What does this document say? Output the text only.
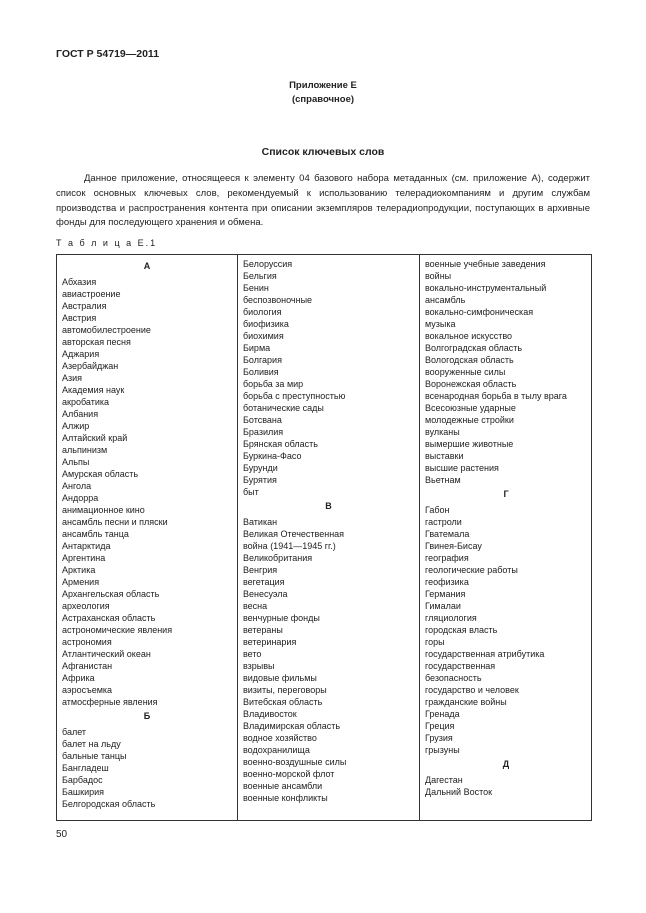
ГОСТ Р 54719—2011
Приложение Е
(справочное)
Список ключевых слов

Данное приложение, относящееся к элементу 04 базового набора метаданных (см. приложение А), содержит список основных ключевых слов, рекомендуемый к использованию телерадиокомпаниям и другим службам производства и распространения контента при описании экземпляров телерадиопродукции, поступающих в архивные фонды для последующего хранения и обмена.

Т а б л и ц а Е.1
А
Абхазия
авиастроение
Австралия
Австрия
автомобилестроение
авторская песня
Аджария
Азербайджан
Азия
Академия наук
акробатика
Албания
Алжир
Алтайский край
альпинизм
Альпы
Амурская область
Ангола
Андорра
анимационное кино
ансамбль песни и пляски
ансамбль танца
Антарктида
Аргентина
Арктика
Армения
Архангельская область
археология
Астраханская область
астрономические явления
астрономия
Атлантический океан
Афганистан
Африка
аэросъемка
атмосферные явления
Б
балет
балет на льду
бальные танцы
Бангладеш
Барбадос
Башкирия
Белгородская область
Белоруссия
Бельгия
Бенин
беспозвоночные
биология
биофизика
биохимия
Бирма
Болгария
Боливия
борьба за мир
борьба с преступностью
ботанические сады
Ботсвана
Бразилия
Брянская область
Буркина-Фасо
Бурунди
Бурятия
быт
В
Ватикан
Великая Отечественная
война (1941—1945 гг.)
Великобритания
Венгрия
вегетация
Венесуэла
весна
венчурные фонды
ветераны
ветеринария
вето
взрывы
видовые фильмы
визиты, переговоры
Витебская область
Владивосток
Владимирская область
водное хозяйство
водохранилища
военно-воздушные силы
военно-морской флот
военные ансамбли
военные конфликты
военные учебные заведения
войны
вокально-инструментальный
ансамбль
вокально-симфоническая
музыка
вокальное искусство
Волгоградская область
Вологодская область
вооруженные силы
Воронежская область
всенародная борьба в тылу врага
Всесоюзные ударные
молодежные стройки
вулканы
вымершие животные
выставки
высшие растения
Вьетнам
Г
Габон
гастроли
Гватемала
Гвинея-Бисау
география
геологические работы
геофизика
Германия
Гималаи
гляциология
городская власть
горы
государственная атрибутика
государственная
безопасность
государство и человек
гражданские войны
Гренада
Греция
Грузия
грызуны
Д
Дагестан
Дальний Восток
50
